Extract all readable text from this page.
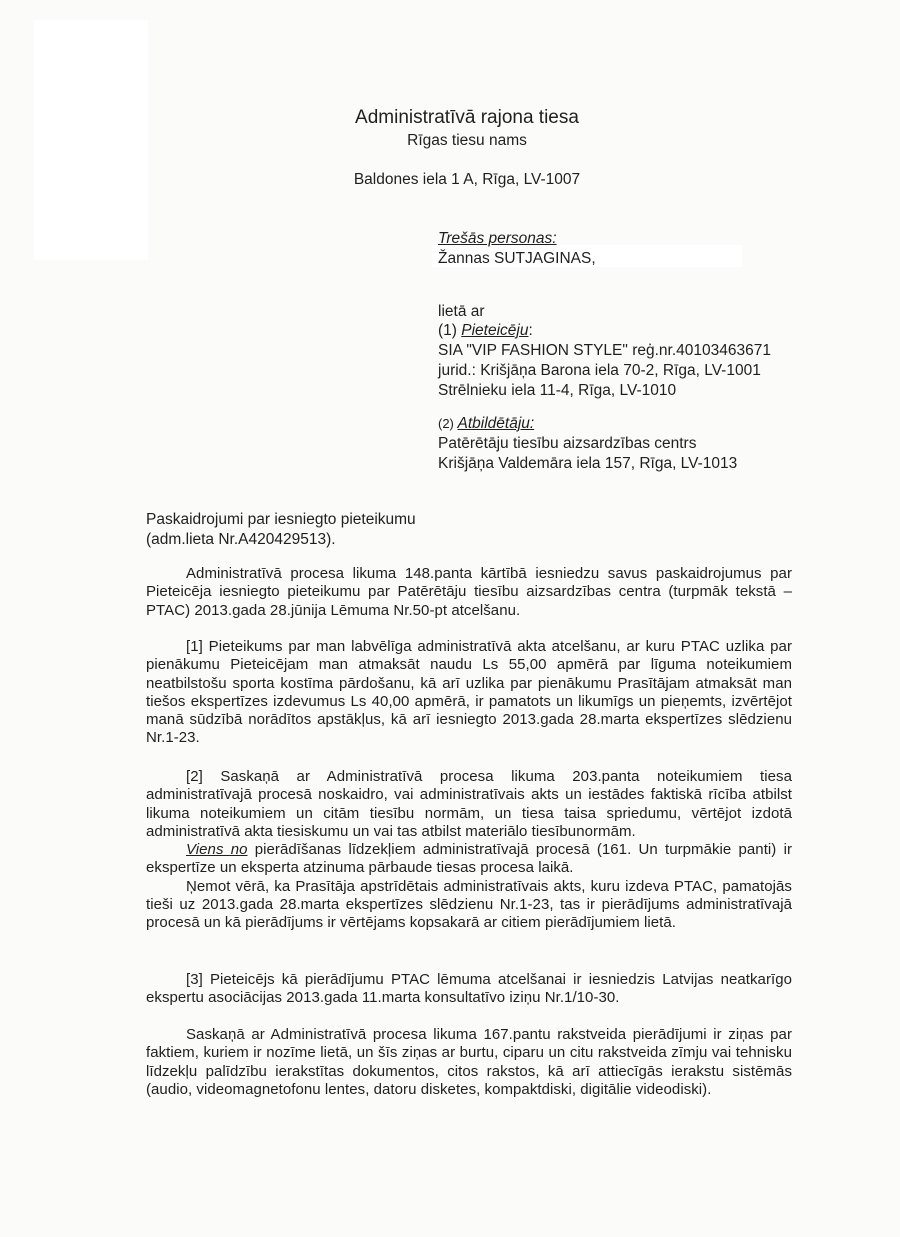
Administratīvā rajona tiesa
Rīgas tiesu nams
Baldones iela 1 A, Rīga, LV-1007
Trešās personas:
Žannas SUTJAGINAS,
lietā ar
(1) Pieteicēju:
SIA "VIP FASHION STYLE" reģ.nr.40103463671
jurid.: Krišjāņa Barona iela 70-2, Rīga, LV-1001
Strēlnieku iela 11-4, Rīga, LV-1010
(2) Atbildētāju:
Patērētāju tiesību aizsardzības centrs
Krišjāņa Valdemāra iela 157, Rīga, LV-1013
Paskaidrojumi par iesniegto pieteikumu
(adm.lieta Nr.A420429513).

Administratīvā procesa likuma 148.panta kārtībā iesniedzu savus paskaidrojumus par Pieteicēja iesniegto pieteikumu par Patērētāju tiesību aizsardzības centra (turpmāk tekstā – PTAC) 2013.gada 28.jūnija Lēmuma Nr.50-pt atcelšanu.

[1] Pieteikums par man labvēlīga administratīvā akta atcelšanu, ar kuru PTAC uzlika par pienākumu Pieteicējam man atmaksāt naudu Ls 55,00 apmērā par līguma noteikumiem neatbilstošu sporta kostīma pārdošanu, kā arī uzlika par pienākumu Prasītājam atmaksāt man tiešos ekspertīzes izdevumus Ls 40,00 apmērā, ir pamatots un likumīgs un pieņemts, izvērtējot manā sūdzībā norādītos apstākļus, kā arī iesniegto 2013.gada 28.marta ekspertīzes slēdzienu Nr.1-23.

[2] Saskaņā ar Administratīvā procesa likuma 203.panta noteikumiem tiesa administratīvajā procesā noskaidro, vai administratīvais akts un iestādes faktiskā rīcība atbilst likuma noteikumiem un citām tiesību normām, un tiesa taisa spriedumu, vērtējot izdotā administratīvā akta tiesiskumu un vai tas atbilst materiālo tiesībunormām.

Viens no pierādīšanas līdzekļiem administratīvajā procesā (161. Un turpmākie panti) ir ekspertīze un eksperta atzinuma pārbaude tiesas procesa laikā.

Ņemot vērā, ka Prasītāja apstrīdētais administratīvais akts, kuru izdeva PTAC, pamatojās tieši uz 2013.gada 28.marta ekspertīzes slēdzienu Nr.1-23, tas ir pierādījums administratīvajā procesā un kā pierādījums ir vērtējams kopsakarā ar citiem pierādījumiem lietā.

[3] Pieteicējs kā pierādījumu PTAC lēmuma atcelšanai ir iesniedzis Latvijas neatkarīgo ekspertu asociācijas 2013.gada 11.marta konsultatīvo iziņu Nr.1/10-30.

Saskaņā ar Administratīvā procesa likuma 167.pantu rakstveida pierādījumi ir ziņas par faktiem, kuriem ir nozīme lietā, un šīs ziņas ar burtu, ciparu un citu rakstveida zīmju vai tehnisku līdzekļu palīdzību ierakstītas dokumentos, citos rakstos, kā arī attiecīgās ierakstu sistēmās (audio, videomagnetofonu lentes, datoru disketes, kompaktdiski, digitālie videodiski).
